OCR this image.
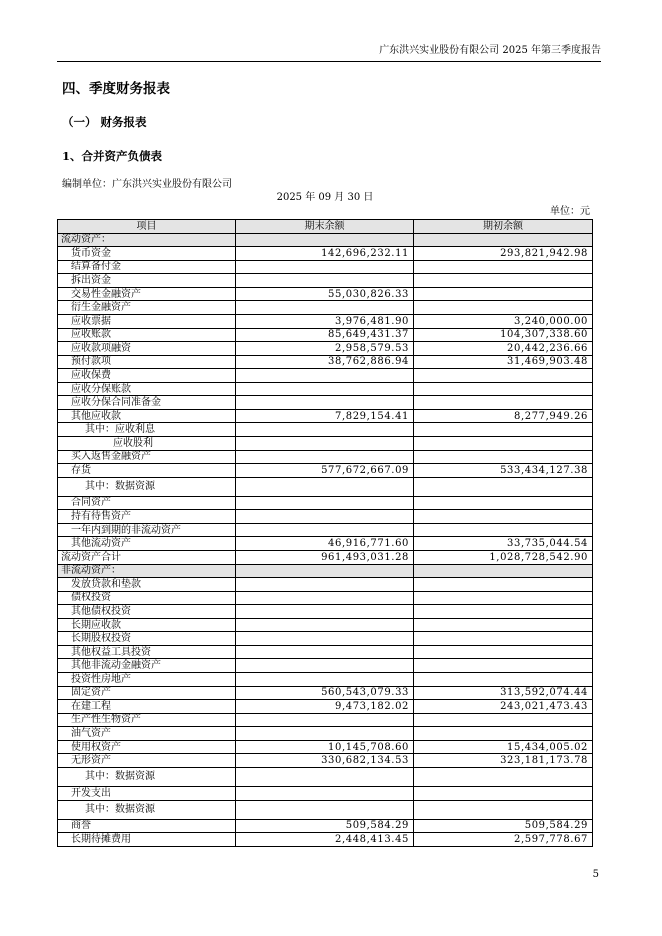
广东洪兴实业股份有限公司 2025 年第三季度报告
四、季度财务报表
（一） 财务报表
1、合并资产负债表
编制单位：广东洪兴实业股份有限公司
2025 年 09 月 30 日
单位：元
项目	期末余额	期初余额
流动资产：
货币资金	142,696,232.11	293,821,942.98
结算备付金
拆出资金
交易性金融资产	55,030,826.33
衍生金融资产
应收票据	3,976,481.90	3,240,000.00
应收账款	85,649,431.37	104,307,338.60
应收款项融资	2,958,579.53	20,442,236.66
预付款项	38,762,886.94	31,469,903.48
应收保费
应收分保账款
应收分保合同准备金
其他应收款	7,829,154.41	8,277,949.26
其中：应收利息
应收股利
买入返售金融资产
存货	577,672,667.09	533,434,127.38
其中：数据资源
合同资产
持有待售资产
一年内到期的非流动资产
其他流动资产	46,916,771.60	33,735,044.54
流动资产合计	961,493,031.28	1,028,728,542.90
非流动资产：
发放贷款和垫款
债权投资
其他债权投资
长期应收款
长期股权投资
其他权益工具投资
其他非流动金融资产
投资性房地产
固定资产	560,543,079.33	313,592,074.44
在建工程	9,473,182.02	243,021,473.43
生产性生物资产
油气资产
使用权资产	10,145,708.60	15,434,005.02
无形资产	330,682,134.53	323,181,173.78
其中：数据资源
开发支出
其中：数据资源
商誉	509,584.29	509,584.29
长期待摊费用	2,448,413.45	2,597,778.67
5
